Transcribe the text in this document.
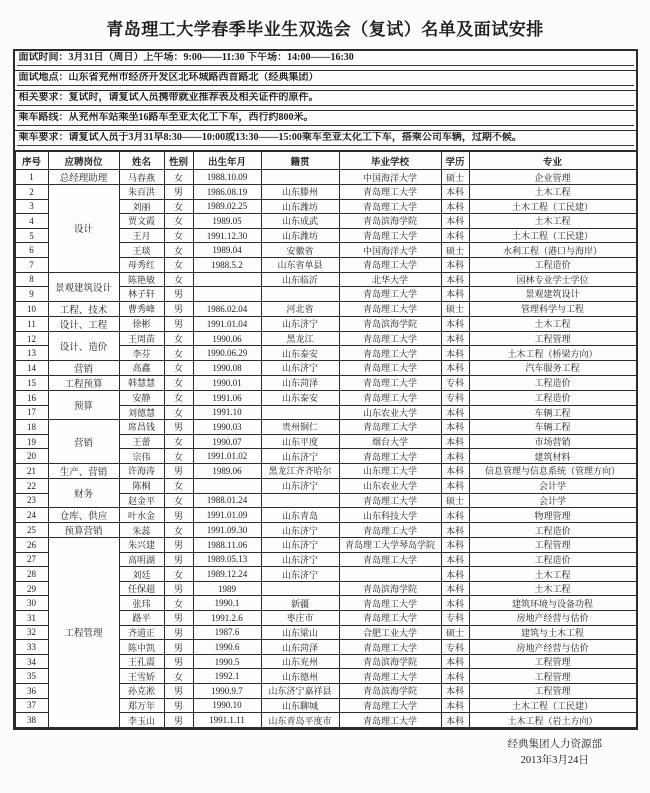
青岛理工大学春季毕业生双选会（复试）名单及面试安排
面试时间：3月31日（周日）上午场：9:00——11:30 下午场：14:00——16:30
面试地点：山东省兖州市经济开发区北环城路西首路北（经典集团）
相关要求：复试时，请复试人员携带就业推荐表及相关证件的原件。
乘车路线：从兖州车站乘坐16路车至亚太化工下车，西行约800米。
乘车要求：请复试人员于3月31早8:30——10:00或13:30——15:00乘车至亚太化工下车，搭乘公司车辆，过期不候。
序号	应聘岗位	姓名	性别	出生年月	籍贯	毕业学校	学历	专业
1	总经理助理	马春燕	女	1988.10.09		中国海洋大学	硕士	企业管理
2	设计	朱百洪	男	1986.08.19	山东滕州	青岛理工大学	本科	土木工程
3		刘丽	女	1989.02.25	山东潍坊	青岛理工大学	本科	土木工程（工民建）
4		贾文霞	女	1989.05	山东成武	青岛滨海学院	本科	土木工程
5		王月	女	1991.12.30	山东潍坊	青岛理工大学	本科	土木工程（工民建）
6		王琰	女	1989.04	安徽省	中国海洋大学	硕士	水利工程（港口与海岸）
7		母秀红	女	1988.5.2	山东省单县	青岛理工大学	本科	工程造价
8	景观建筑设计	陈艳敏	女		山东临沂	北华大学	本科	园林专业学士学位
9		林子轩	男			青岛理工大学	本科	景观建筑设计
10	工程、技术	曹秀峰	男	1986.02.04	河北省	青岛理工大学	硕士	管理科学与工程
11	设计、工程	徐彬	男	1991.01.04	山东济宁	青岛滨海学院	本科	土木工程
12	设计、造价	王周苗	女	1990.06	黑龙江	青岛理工大学	本科	工程管理
13		李芬	女	1990.06.29	山东泰安	青岛理工大学	本科	土木工程（桥梁方向）
14	营销	高鑫	女	1990.08	山东济宁	青岛理工大学	本科	汽车服务工程
15	工程预算	韩慧慧	女	1990.01	山东菏泽	青岛理工大学	专科	工程造价
16	预算	安静	女	1991.06	山东泰安	青岛理工大学	专科	工程造价
17		刘德慧	女	1991.10		山东农业大学	本科	车辆工程
18	营销	席昌钱	男	1990.03	贵州铜仁	青岛理工大学	本科	车辆工程
19		王蕾	女	1990.07	山东平度	烟台大学	本科	市场营销
20		宗伟	女	1991.01.02	山东济宁	青岛理工大学	本科	建筑材料
21	生产、营销	许海涛	男	1989.06	黑龙江齐齐哈尔	山东理工大学	本科	信息管理与信息系统（管理方向）
22	财务	陈桐	女		山东济宁	山东农业大学	本科	会计学
23		赵金平	女	1988.01.24		青岛理工大学	硕士	会计学
24	仓库、供应	叶水金	男	1991.01.09	山东青岛	山东科技大学	本科	物理管理
25	预算营销	朱蕊	女	1991.09.30	山东济宁	青岛理工大学	本科	工程造价
26	工程管理	朱兴建	男	1988.11.06	山东济宁	青岛理工大学琴岛学院	本科	工程管理
27		高明湖	男	1989.05.13	山东济宁	青岛理工大学	本科	工程造价
28		刘廷	女	1989.12.24	山东济宁		本科	土木工程
29		任保超	男	1989		青岛滨海学院	本科	土木工程
30		张玮	女	1990.1	新疆	青岛理工大学	本科	建筑环境与设备功程
31		路平	男	1991.2.6	枣庄市	青岛理工大学	专科	房地产经营与估价
32		齐道正	男	1987.6	山东梁山	合肥工业大学	硕士	建筑与土木工程
33		陈中凯	男	1990.6	山东菏泽	青岛理工大学	专科	房地产经营与估价
34		王孔震	男	1990.5	山东兖州	青岛滨海学院	本科	工程管理
35		王雪娇	女	1992.1	山东德州	青岛理工大学	本科	工程管理
36		孙克凇	男	1990.9.7	山东济宁嘉祥县	青岛滨海学院	本科	工程管理
37		郑万年	男	1990.10	山东聊城	青岛理工大学	本科	土木工程（工民建）
38		李玉山	男	1991.1.11	山东青岛平度市	青岛理工大学	本科	土木工程（岩土方向）
经典集团人力资源部
2013年3月24日
